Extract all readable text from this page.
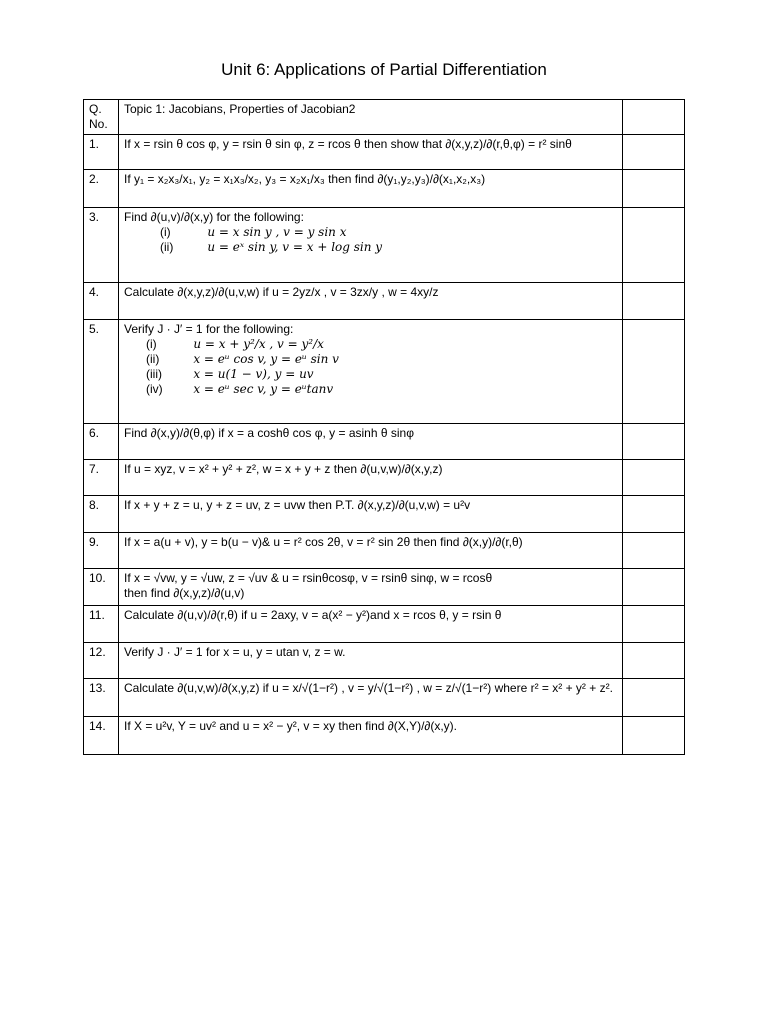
Unit 6: Applications of Partial Differentiation
Q. No.	Topic 1: Jacobians, Properties of Jacobian2	
1.	If x = rsin θ cos φ, y = rsin θ sin φ, z = rcos θ then show that ∂(x,y,z)/∂(r,θ,φ) = r² sinθ	
2.	If y₁ = x₂x₃/x₁, y₂ = x₁x₃/x₂, y₃ = x₂x₁/x₃ then find ∂(y₁,y₂,y₃)/∂(x₁,x₂,x₃)	
3.	Find ∂(u,v)/∂(x,y) for the following:
(i) u = x sin y , v = y sin x
(ii) u = eˣ sin y, v = x + log sin y	

4.	Calculate ∂(x,y,z)/∂(u,v,w) if u = 2yz/x , v = 3zx/y , w = 4xy/z	
5.	Verify J · J′ = 1 for the following:
(i) u = x + y²/x , v = y²/x
(ii) x = eᵘ cos v, y = eᵘ sin v
(iii) x = u(1 − v), y = uv
(iv) x = eᵘ sec v, y = eᵘtanv	

6.	Find ∂(x,y)/∂(θ,φ) if x = a coshθ cos φ, y = asinh θ sinφ	
7.	If u = xyz, v = x² + y² + z², w = x + y + z then ∂(u,v,w)/∂(x,y,z)	
8.	If x + y + z = u, y + z = uv, z = uvw then P.T. ∂(x,y,z)/∂(u,v,w) = u²v	
9.	If x = a(u + v), y = b(u − v)& u = r² cos 2θ, v = r² sin 2θ then find ∂(x,y)/∂(r,θ)	
10.	If x = √vw, y = √uw, z = √uv & u = rsinθcosφ, v = rsinθ sinφ, w = rcosθ
then find ∂(x,y,z)/∂(u,v)	

11.	Calculate ∂(u,v)/∂(r,θ) if u = 2axy, v = a(x² − y²)and x = rcos θ, y = rsin θ	
12.	Verify J · J′ = 1 for x = u, y = utan v, z = w.	
13.	Calculate ∂(u,v,w)/∂(x,y,z) if u = x/√(1−r²) , v = y/√(1−r²) , w = z/√(1−r²) where r² = x² + y² + z².	
14.	If X = u²v, Y = uv² and u = x² − y², v = xy then find ∂(X,Y)/∂(x,y).	
